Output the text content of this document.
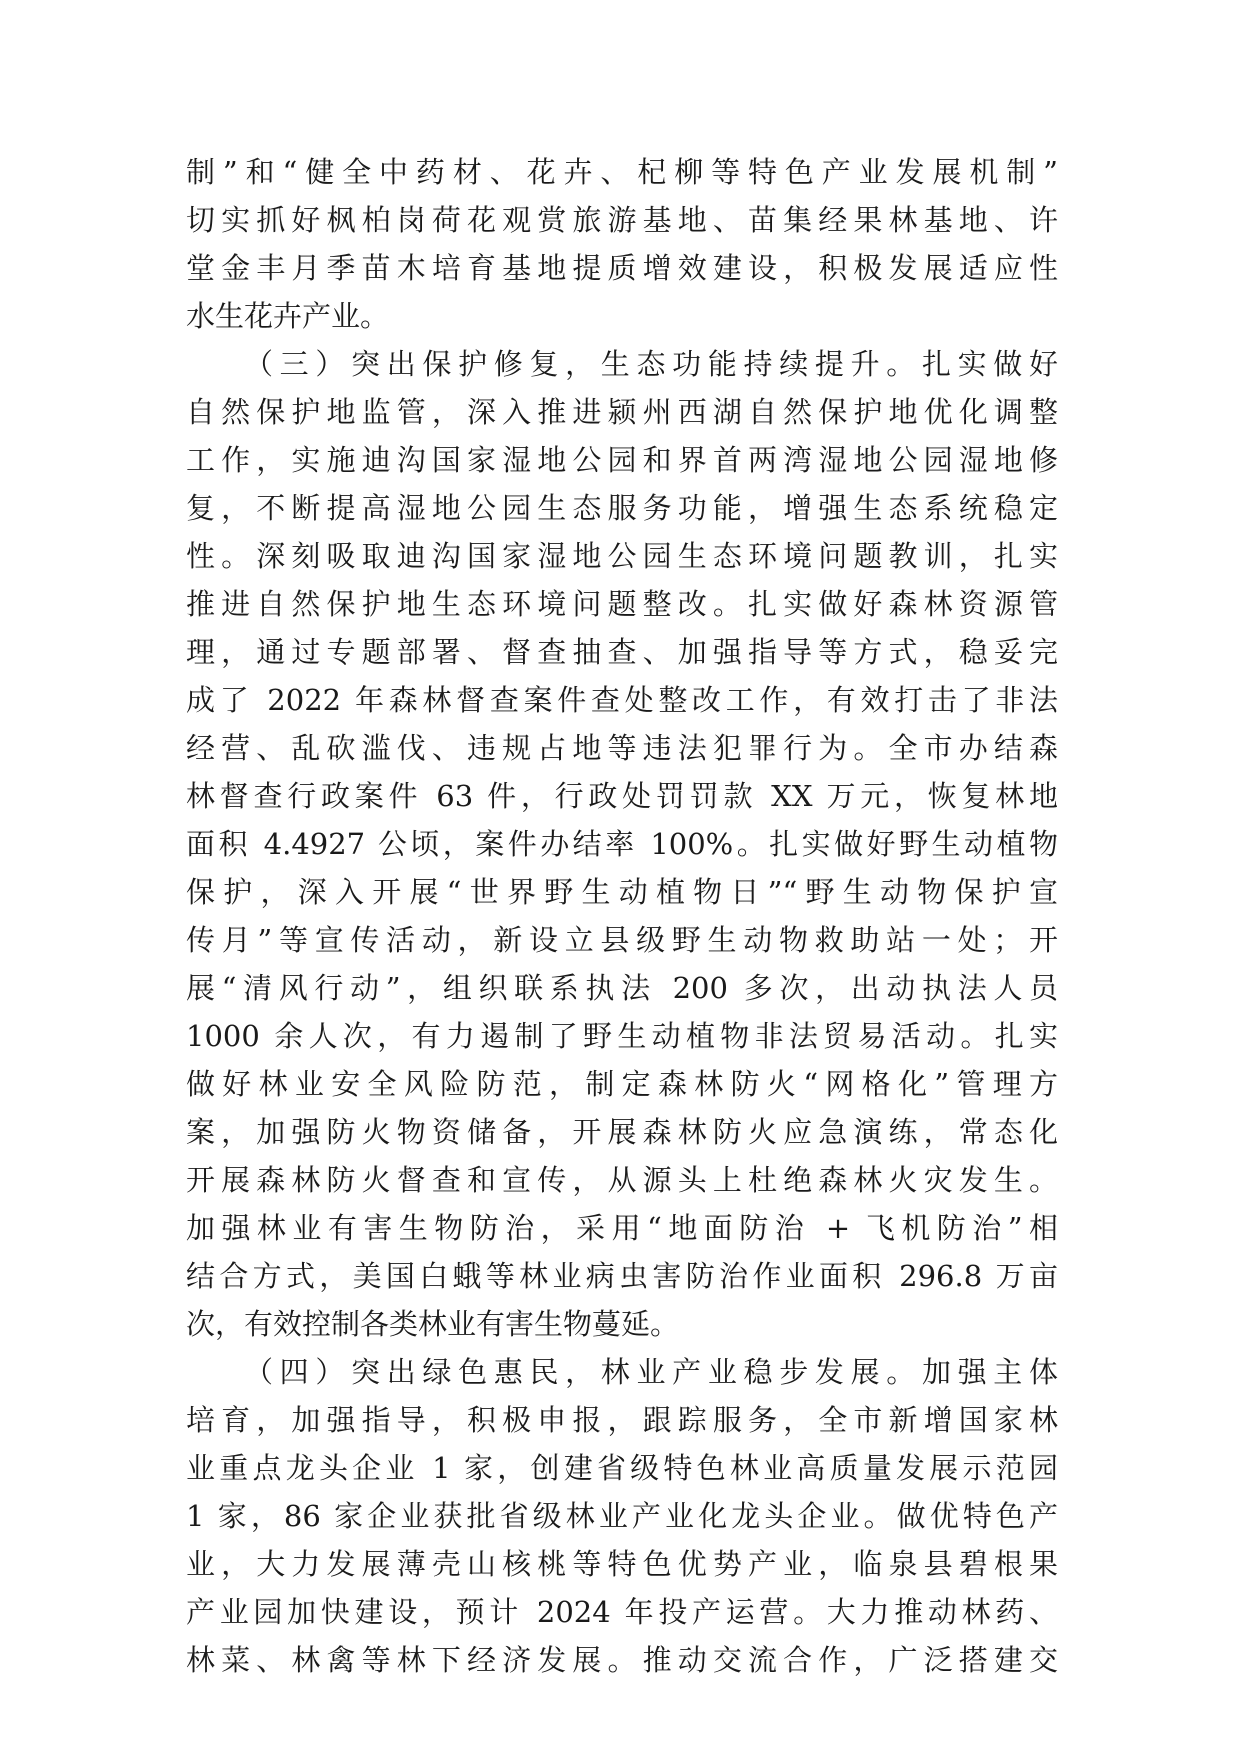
制”和“健全中药材、花卉、杞柳等特色产业发展机制”
切实抓好枫柏岗荷花观赏旅游基地、苗集经果林基地、许
堂金丰月季苗木培育基地提质增效建设，积极发展适应性
水生花卉产业。
（三）突出保护修复，生态功能持续提升。扎实做好
自然保护地监管，深入推进颍州西湖自然保护地优化调整
工作，实施迪沟国家湿地公园和界首两湾湿地公园湿地修
复，不断提高湿地公园生态服务功能，增强生态系统稳定
性。深刻吸取迪沟国家湿地公园生态环境问题教训，扎实
推进自然保护地生态环境问题整改。扎实做好森林资源管
理，通过专题部署、督查抽查、加强指导等方式，稳妥完
成了 2022 年森林督查案件查处整改工作，有效打击了非法
经营、乱砍滥伐、违规占地等违法犯罪行为。全市办结森
林督查行政案件 63 件，行政处罚罚款 XX 万元，恢复林地
面积 4.4927 公顷，案件办结率 100%。扎实做好野生动植物
保护，深入开展“世界野生动植物日”“野生动物保护宣
传月”等宣传活动，新设立县级野生动物救助站一处；开
展“清风行动”，组织联系执法 200 多次，出动执法人员
1000 余人次，有力遏制了野生动植物非法贸易活动。扎实
做好林业安全风险防范，制定森林防火“网格化”管理方
案，加强防火物资储备，开展森林防火应急演练，常态化
开展森林防火督查和宣传，从源头上杜绝森林火灾发生。
加强林业有害生物防治，采用“地面防治 + 飞机防治”相
结合方式，美国白蛾等林业病虫害防治作业面积 296.8 万亩
次，有效控制各类林业有害生物蔓延。
（四）突出绿色惠民，林业产业稳步发展。加强主体
培育，加强指导，积极申报，跟踪服务，全市新增国家林
业重点龙头企业 1 家，创建省级特色林业高质量发展示范园
1 家，86 家企业获批省级林业产业化龙头企业。做优特色产
业，大力发展薄壳山核桃等特色优势产业，临泉县碧根果
产业园加快建设，预计 2024 年投产运营。大力推动林药、
林菜、林禽等林下经济发展。推动交流合作，广泛搭建交
